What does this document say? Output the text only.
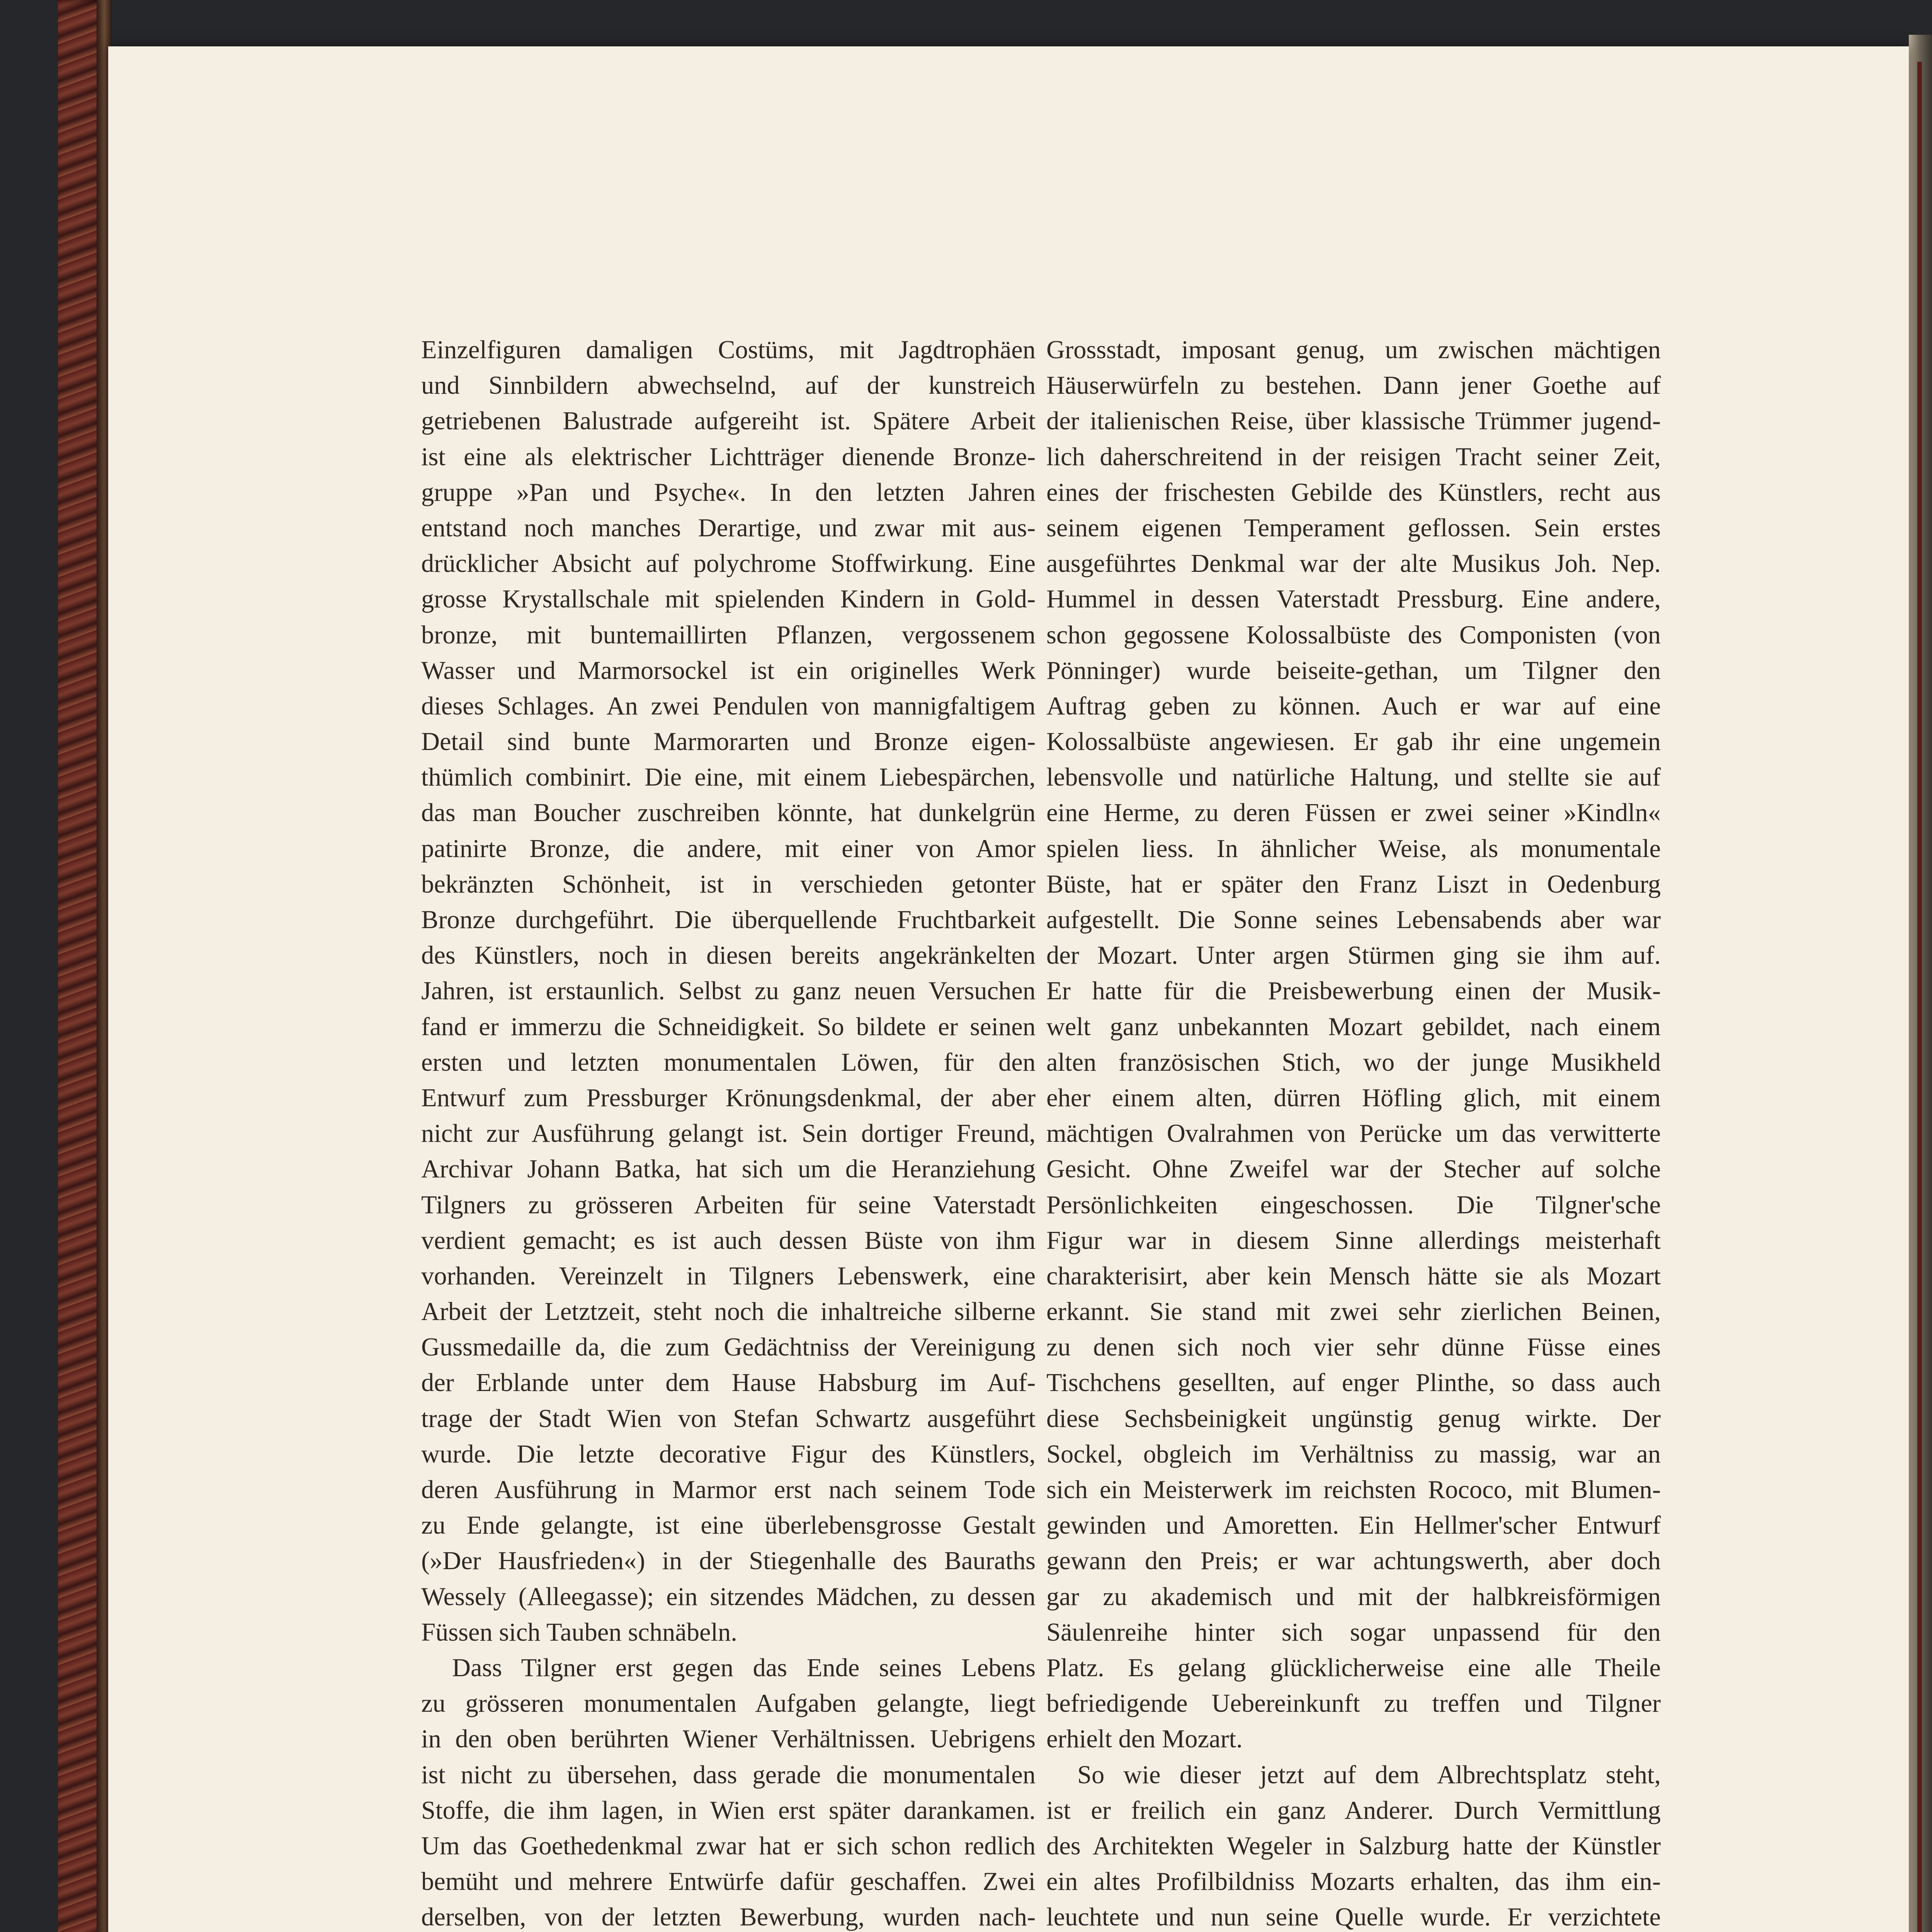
Einzelfiguren damaligen Costüms, mit Jagdtrophäen
und Sinnbildern abwechselnd, auf der kunstreich
getriebenen Balustrade aufgereiht ist. Spätere Arbeit
ist eine als elektrischer Lichtträger dienende Bronze-
gruppe »Pan und Psyche«. In den letzten Jahren
entstand noch manches Derartige, und zwar mit aus-
drücklicher Absicht auf polychrome Stoffwirkung. Eine
grosse Krystallschale mit spielenden Kindern in Gold-
bronze, mit buntemaillirten Pflanzen, vergossenem
Wasser und Marmorsockel ist ein originelles Werk
dieses Schlages. An zwei Pendulen von mannigfaltigem
Detail sind bunte Marmorarten und Bronze eigen-
thümlich combinirt. Die eine, mit einem Liebespärchen,
das man Boucher zuschreiben könnte, hat dunkelgrün
patinirte Bronze, die andere, mit einer von Amor
bekränzten Schönheit, ist in verschieden getonter
Bronze durchgeführt. Die überquellende Fruchtbarkeit
des Künstlers, noch in diesen bereits angekränkelten
Jahren, ist erstaunlich. Selbst zu ganz neuen Versuchen
fand er immerzu die Schneidigkeit. So bildete er seinen
ersten und letzten monumentalen Löwen, für den
Entwurf zum Pressburger Krönungsdenkmal, der aber
nicht zur Ausführung gelangt ist. Sein dortiger Freund,
Archivar Johann Batka, hat sich um die Heranziehung
Tilgners zu grösseren Arbeiten für seine Vaterstadt
verdient gemacht; es ist auch dessen Büste von ihm
vorhanden. Vereinzelt in Tilgners Lebenswerk, eine
Arbeit der Letztzeit, steht noch die inhaltreiche silberne
Gussmedaille da, die zum Gedächtniss der Vereinigung
der Erblande unter dem Hause Habsburg im Auf-
trage der Stadt Wien von Stefan Schwartz ausgeführt
wurde. Die letzte decorative Figur des Künstlers,
deren Ausführung in Marmor erst nach seinem Tode
zu Ende gelangte, ist eine überlebensgrosse Gestalt
(»Der Hausfrieden«) in der Stiegenhalle des Bauraths
Wessely (Alleegasse); ein sitzendes Mädchen, zu dessen
Füssen sich Tauben schnäbeln.
Dass Tilgner erst gegen das Ende seines Lebens
zu grösseren monumentalen Aufgaben gelangte, liegt
in den oben berührten Wiener Verhältnissen. Uebrigens
ist nicht zu übersehen, dass gerade die monumentalen
Stoffe, die ihm lagen, in Wien erst später darankamen.
Um das Goethedenkmal zwar hat er sich schon redlich
bemüht und mehrere Entwürfe dafür geschaffen. Zwei
derselben, von der letzten Bewerbung, wurden nach-
Grossstadt, imposant genug, um zwischen mächtigen
Häuserwürfeln zu bestehen. Dann jener Goethe auf
der italienischen Reise, über klassische Trümmer jugend-
lich daherschreitend in der reisigen Tracht seiner Zeit,
eines der frischesten Gebilde des Künstlers, recht aus
seinem eigenen Temperament geflossen. Sein erstes
ausgeführtes Denkmal war der alte Musikus Joh. Nep.
Hummel in dessen Vaterstadt Pressburg. Eine andere,
schon gegossene Kolossalbüste des Componisten (von
Pönninger) wurde beiseite-gethan, um Tilgner den
Auftrag geben zu können. Auch er war auf eine
Kolossalbüste angewiesen. Er gab ihr eine ungemein
lebensvolle und natürliche Haltung, und stellte sie auf
eine Herme, zu deren Füssen er zwei seiner »Kindln«
spielen liess. In ähnlicher Weise, als monumentale
Büste, hat er später den Franz Liszt in Oedenburg
aufgestellt. Die Sonne seines Lebensabends aber war
der Mozart. Unter argen Stürmen ging sie ihm auf.
Er hatte für die Preisbewerbung einen der Musik-
welt ganz unbekannten Mozart gebildet, nach einem
alten französischen Stich, wo der junge Musikheld
eher einem alten, dürren Höfling glich, mit einem
mächtigen Ovalrahmen von Perücke um das verwitterte
Gesicht. Ohne Zweifel war der Stecher auf solche
Persönlichkeiten eingeschossen. Die Tilgner'sche
Figur war in diesem Sinne allerdings meisterhaft
charakterisirt, aber kein Mensch hätte sie als Mozart
erkannt. Sie stand mit zwei sehr zierlichen Beinen,
zu denen sich noch vier sehr dünne Füsse eines
Tischchens gesellten, auf enger Plinthe, so dass auch
diese Sechsbeinigkeit ungünstig genug wirkte. Der
Sockel, obgleich im Verhältniss zu massig, war an
sich ein Meisterwerk im reichsten Rococo, mit Blumen-
gewinden und Amoretten. Ein Hellmer'scher Entwurf
gewann den Preis; er war achtungswerth, aber doch
gar zu akademisch und mit der halbkreisförmigen
Säulenreihe hinter sich sogar unpassend für den
Platz. Es gelang glücklicherweise eine alle Theile
befriedigende Uebereinkunft zu treffen und Tilgner
erhielt den Mozart.
So wie dieser jetzt auf dem Albrechtsplatz steht,
ist er freilich ein ganz Anderer. Durch Vermittlung
des Architekten Wegeler in Salzburg hatte der Künstler
ein altes Profilbildniss Mozarts erhalten, das ihm ein-
leuchtete und nun seine Quelle wurde. Er verzichtete
